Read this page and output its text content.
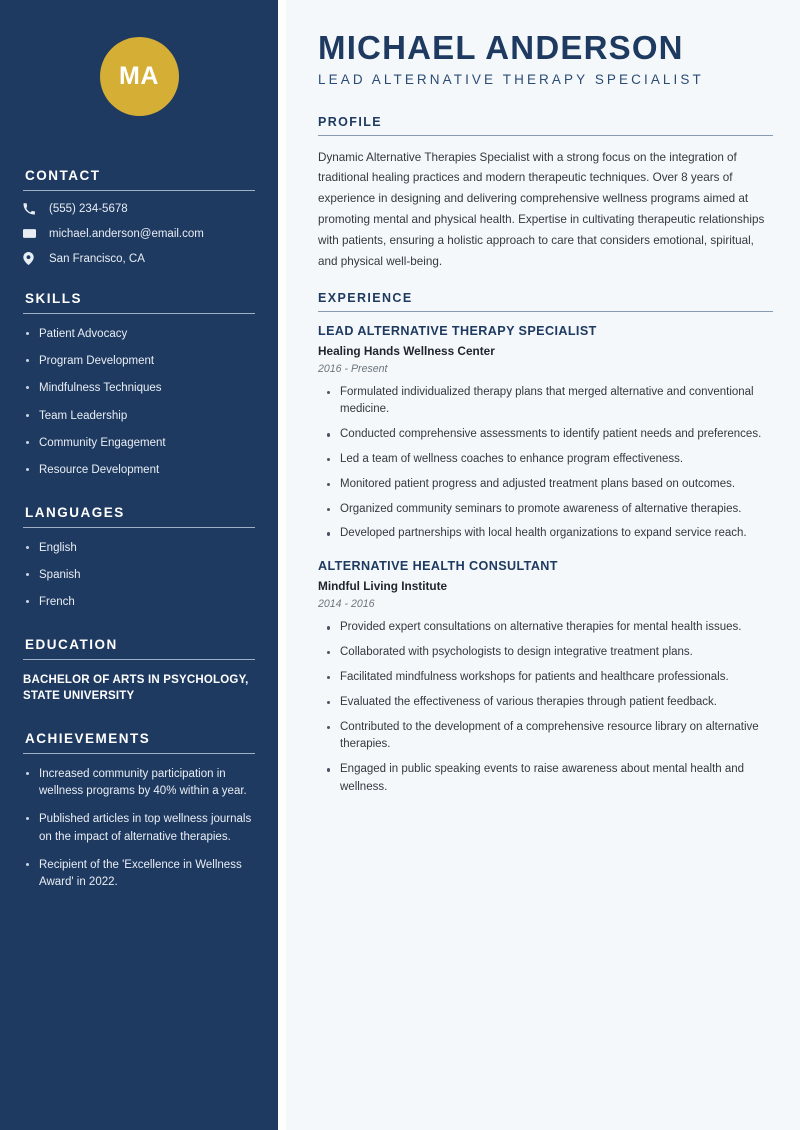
MA
CONTACT
(555) 234-5678
michael.anderson@email.com
San Francisco, CA
SKILLS
Patient Advocacy
Program Development
Mindfulness Techniques
Team Leadership
Community Engagement
Resource Development
LANGUAGES
English
Spanish
French
EDUCATION
BACHELOR OF ARTS IN PSYCHOLOGY, STATE UNIVERSITY
ACHIEVEMENTS
Increased community participation in wellness programs by 40% within a year.
Published articles in top wellness journals on the impact of alternative therapies.
Recipient of the 'Excellence in Wellness Award' in 2022.
MICHAEL ANDERSON
LEAD ALTERNATIVE THERAPY SPECIALIST
PROFILE

Dynamic Alternative Therapies Specialist with a strong focus on the integration of traditional healing practices and modern therapeutic techniques. Over 8 years of experience in designing and delivering comprehensive wellness programs aimed at promoting mental and physical health. Expertise in cultivating therapeutic relationships with patients, ensuring a holistic approach to care that considers emotional, spiritual, and physical well-being.

EXPERIENCE
LEAD ALTERNATIVE THERAPY SPECIALIST
Healing Hands Wellness Center
2016 - Present
Formulated individualized therapy plans that merged alternative and conventional medicine.
Conducted comprehensive assessments to identify patient needs and preferences.
Led a team of wellness coaches to enhance program effectiveness.
Monitored patient progress and adjusted treatment plans based on outcomes.
Organized community seminars to promote awareness of alternative therapies.
Developed partnerships with local health organizations to expand service reach.
ALTERNATIVE HEALTH CONSULTANT
Mindful Living Institute
2014 - 2016
Provided expert consultations on alternative therapies for mental health issues.
Collaborated with psychologists to design integrative treatment plans.
Facilitated mindfulness workshops for patients and healthcare professionals.
Evaluated the effectiveness of various therapies through patient feedback.
Contributed to the development of a comprehensive resource library on alternative therapies.
Engaged in public speaking events to raise awareness about mental health and wellness.
